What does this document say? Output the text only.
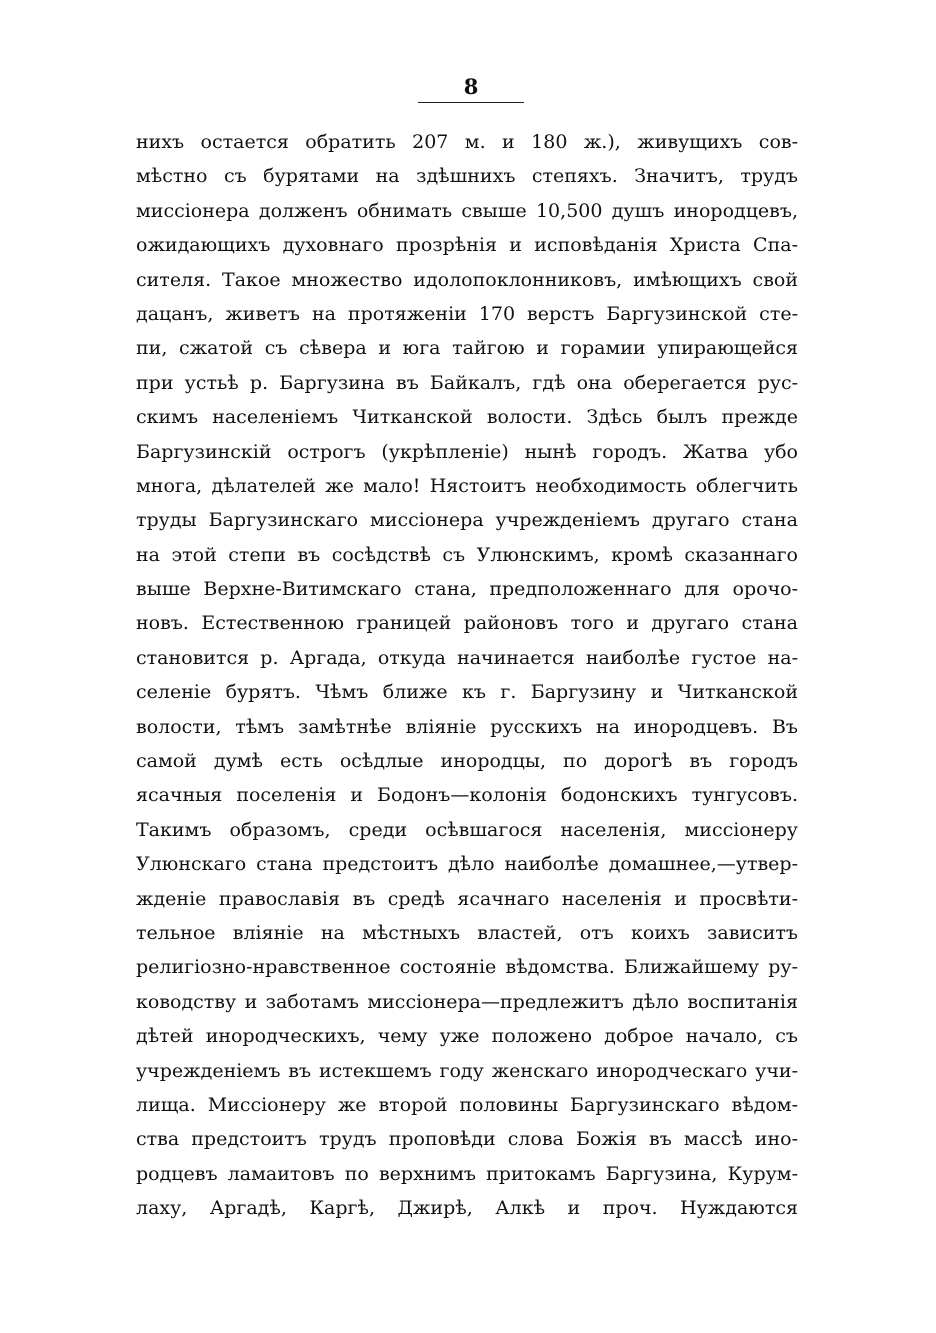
8
нихъ остается обратить 207 м. и 180 ж.), живущихъ сов-
мѣстно съ бурятами на здѣшнихъ степяхъ. Значитъ, трудъ
миссіонера долженъ обнимать свыше 10,500 душъ инородцевъ,
ожидающихъ духовнаго прозрѣнія и исповѣданія Христа Спа-
сителя. Такое множество идолопоклонниковъ, имѣющихъ свой
дацанъ, живетъ на протяженіи 170 верстъ Баргузинской сте-
пи, сжатой съ сѣвера и юга тайгою и горамии упирающейся
при устьѣ р. Баргузина въ Байкалъ, гдѣ она оберегается рус-
скимъ населеніемъ Читканской волости. Здѣсь былъ прежде
Баргузинскій острогъ (укрѣпленіе) нынѣ городъ. Жатва убо
многа, дѣлателей же мало! Нястоитъ необходимость облегчить
труды Баргузинскаго миссіонера учрежденіемъ другаго стана
на этой степи въ сосѣдствѣ съ Улюнскимъ, кромѣ сказаннаго
выше Верхне-Витимскаго стана, предположеннаго для орочо-
новъ. Естественною границей районовъ того и другаго стана
становится р. Аргада, откуда начинается наиболѣе густое на-
селеніе бурятъ. Чѣмъ ближе къ г. Баргузину и Читканской
волости, тѣмъ замѣтнѣе вліяніе русскихъ на инородцевъ. Въ
самой думѣ есть осѣдлые инородцы, по дорогѣ въ городъ
ясачныя поселенія и Бодонъ—колонія бодонскихъ тунгусовъ.
Такимъ образомъ, среди осѣвшагося населенія, миссіонеру
Улюнскаго стана предстоитъ дѣло наиболѣе домашнее,—утвер-
жденіе православія въ средѣ ясачнаго населенія и просвѣти-
тельное вліяніе на мѣстныхъ властей, отъ коихъ зависитъ
религіозно-нравственное состояніе вѣдомства. Ближайшему ру-
ководству и заботамъ миссіонера—предлежитъ дѣло воспитанія
дѣтей инородческихъ, чему уже положено доброе начало, съ
учрежденіемъ въ истекшемъ году женскаго инородческаго учи-
лища. Миссіонеру же второй половины Баргузинскаго вѣдом-
ства предстоитъ трудъ проповѣди слова Божія въ массѣ ино-
родцевъ ламаитовъ по верхнимъ притокамъ Баргузина, Курум-
лаху, Аргадѣ, Каргѣ, Джирѣ, Алкѣ и проч. Нуждаются
